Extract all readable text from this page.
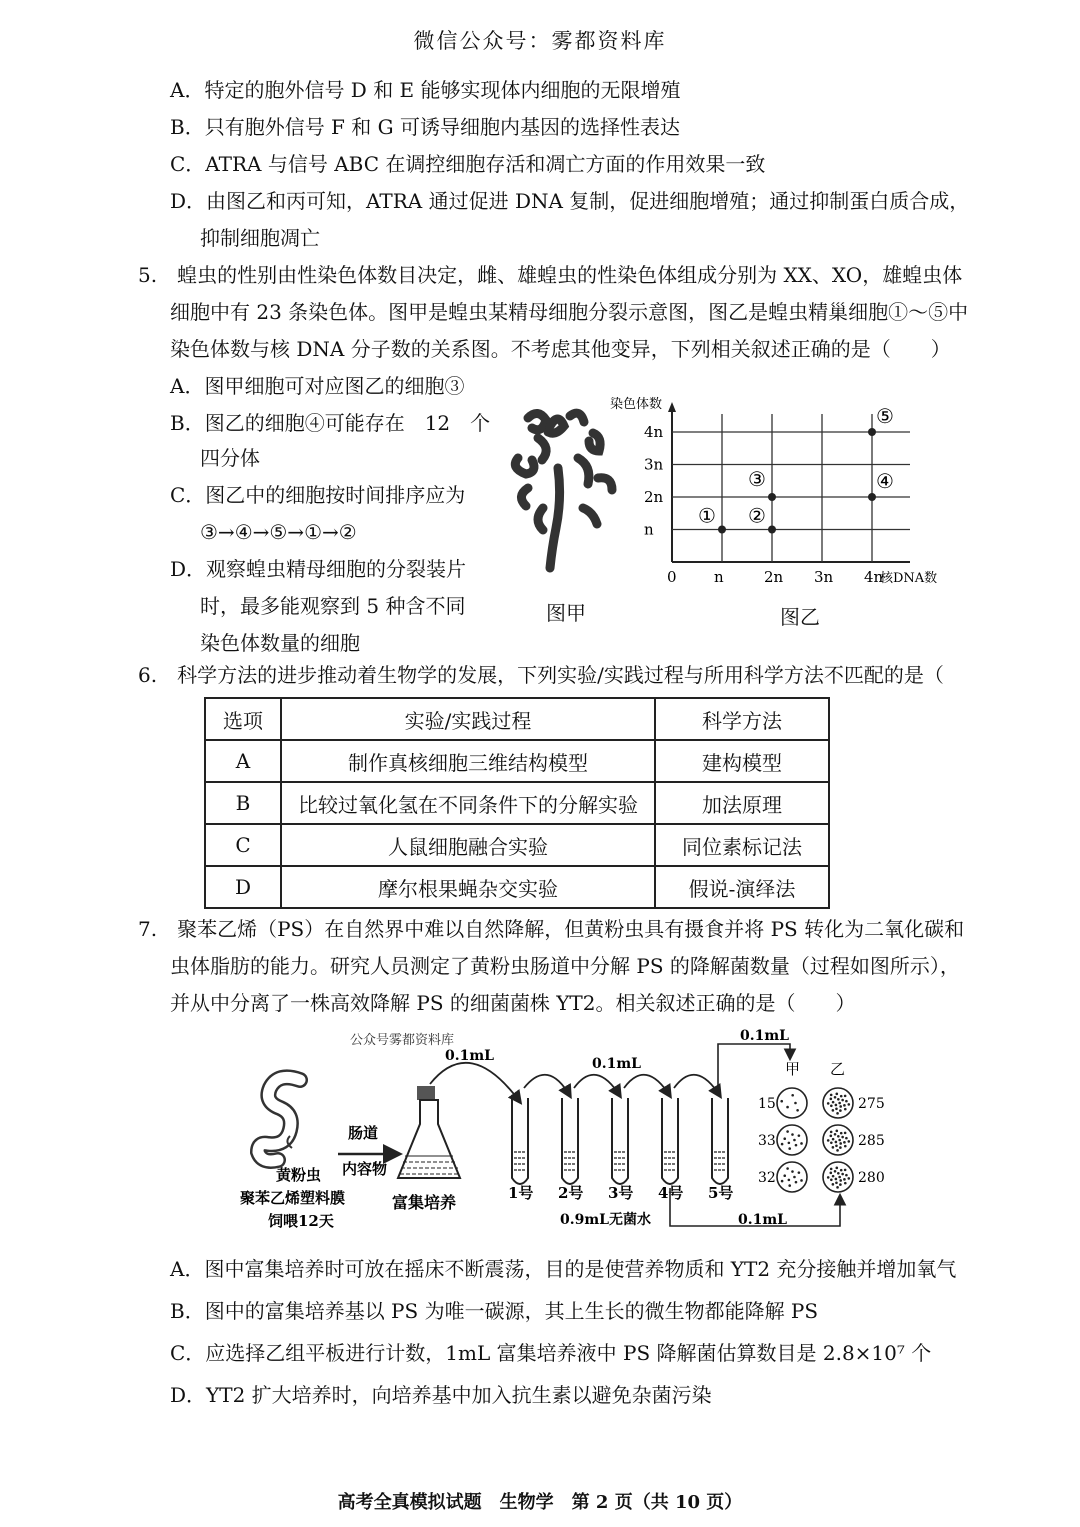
微信公众号：雾都资料库
A．特定的胞外信号 D 和 E 能够实现体内细胞的无限增殖
B．只有胞外信号 F 和 G 可诱导细胞内基因的选择性表达
C．ATRA 与信号 ABC 在调控细胞存活和凋亡方面的作用效果一致
D．由图乙和丙可知，ATRA 通过促进 DNA 复制，促进细胞增殖；通过抑制蛋白质合成，
抑制细胞凋亡
5.　蝗虫的性别由性染色体数目决定，雌、雄蝗虫的性染色体组成分别为 XX、XO，雄蝗虫体
细胞中有 23 条染色体。图甲是蝗虫某精母细胞分裂示意图，图乙是蝗虫精巢细胞①～⑤中
染色体数与核 DNA 分子数的关系图。不考虑其他变异，下列相关叙述正确的是（　　）
A．图甲细胞可对应图乙的细胞③
B．图乙的细胞④可能存在　12　个
四分体
C．图乙中的细胞按时间排序应为
③→④→⑤→①→②
D．观察蝗虫精母细胞的分裂装片
时，最多能观察到 5 种含不同
染色体数量的细胞
图甲
染色体数
核DNA数
0
n
n
2n
2n
3n
3n
4n
4n
① ②
③	④
⑤
图乙
6.　科学方法的进步推动着生物学的发展，下列实验/实践过程与所用科学方法不匹配的是（
选项	实验/实践过程	科学方法
A	制作真核细胞三维结构模型	建构模型
B	比较过氧化氢在不同条件下的分解实验	加法原理
C	人鼠细胞融合实验	同位素标记法
D	摩尔根果蝇杂交实验	假说-演绎法
7.　聚苯乙烯（PS）在自然界中难以自然降解，但黄粉虫具有摄食并将 PS 转化为二氧化碳和
虫体脂肪的能力。研究人员测定了黄粉虫肠道中分解 PS 的降解菌数量（过程如图所示），
并从中分离了一株高效降解 PS 的细菌菌株 YT2。相关叙述正确的是（　　）
公众号雾都资料库
黄粉虫
聚苯乙烯塑料膜
饲喂12天
肠道
内容物
富集培养
0.1mL	0.1mL
1号 2号 3号 4号 5号
0.1mL
0.1mL
0.9mL无菌水
甲 乙
15	275
33	285
32	280
A．图中富集培养时可放在摇床不断震荡，目的是使营养物质和 YT2 充分接触并增加氧气
B．图中的富集培养基以 PS 为唯一碳源，其上生长的微生物都能降解 PS
C．应选择乙组平板进行计数，1mL 富集培养液中 PS 降解菌估算数目是 2.8×10⁷ 个
D．YT2 扩大培养时，向培养基中加入抗生素以避免杂菌污染
高考全真模拟试题　生物学　第 2 页（共 10 页）
